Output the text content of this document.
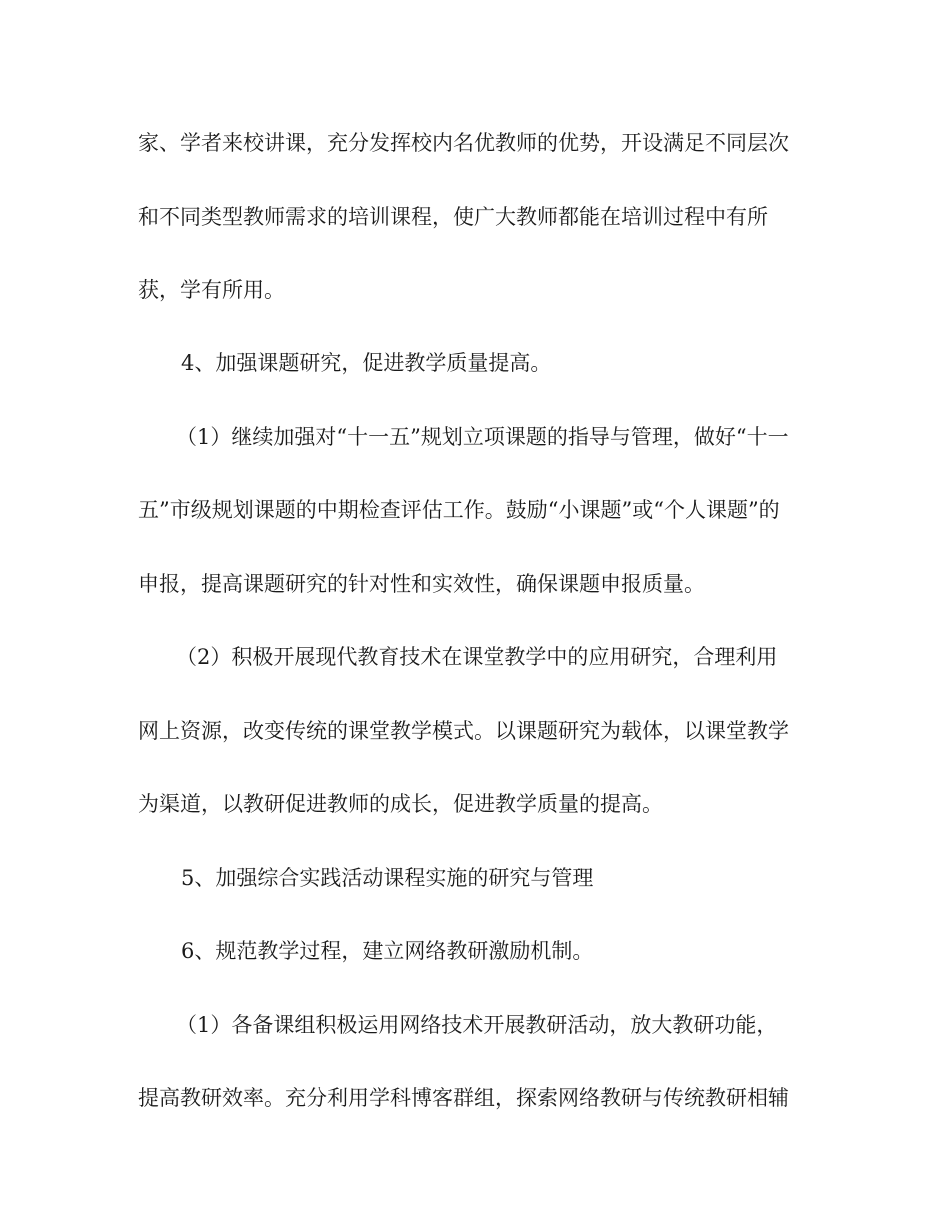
家、学者来校讲课，充分发挥校内名优教师的优势，开设满足不同层次
和不同类型教师需求的培训课程，使广大教师都能在培训过程中有所
获，学有所用。
4、加强课题研究，促进教学质量提高。
（1）继续加强对“十一五”规划立项课题的指导与管理，做好“十一
五”市级规划课题的中期检查评估工作。鼓励“小课题”或“个人课题”的
申报，提高课题研究的针对性和实效性，确保课题申报质量。
（2）积极开展现代教育技术在课堂教学中的应用研究，合理利用
网上资源，改变传统的课堂教学模式。以课题研究为载体，以课堂教学
为渠道，以教研促进教师的成长，促进教学质量的提高。
5、加强综合实践活动课程实施的研究与管理
6、规范教学过程，建立网络教研激励机制。
（1）各备课组积极运用网络技术开展教研活动，放大教研功能，
提高教研效率。充分利用学科博客群组，探索网络教研与传统教研相辅
